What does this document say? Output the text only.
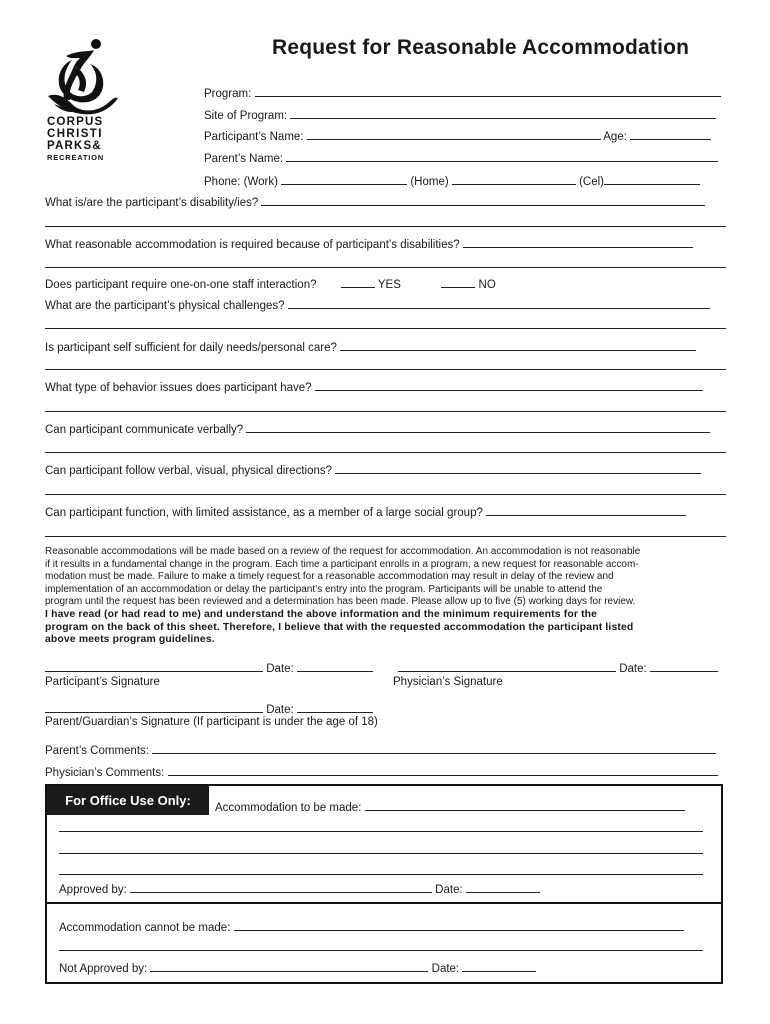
CORPUS
CHRISTI
PARKS&
RECREATION
Request for Reasonable Accommodation
Program:
Site of Program:
Participant’s Name:	Age:
Parent’s Name:
Phone: (Work)	(Home)	(Cel)
What is/are the participant’s disability/ies?
What reasonable accommodation is required because of participant’s disabilities?
Does participant require one-on-one staff interaction?	YES	NO
What are the participant’s physical challenges?
Is participant self sufficient for daily needs/personal care?
What type of behavior issues does participant have?
Can participant communicate verbally?
Can participant follow verbal, visual, physical directions?
Can participant function, with limited assistance, as a member of a large social group?
Reasonable accommodations will be made based on a review of the request for accommodation. An accommodation is not reasonable
if it results in a fundamental change in the program. Each time a participant enrolls in a program, a new request for reasonable accom-
modation must be made. Failure to make a timely request for a reasonable accommodation may result in delay of the review and
implementation of an accommodation or delay the participant’s entry into the program. Participants will be unable to attend the
program until the request has been reviewed and a determination has been made. Please allow up to five (5) working days for review.
I have read (or had read to me) and understand the above information and the minimum requirements for the
program on the back of this sheet. Therefore, I believe that with the requested accommodation the participant listed
above meets program guidelines.
Date:	Date:
Participant’s Signature	Physician’s Signature
Date:
Parent/Guardian’s Signature (If participant is under the age of 18)
Parent’s Comments:
Physician’s Comments:
For Office Use Only:	Accommodation to be made:
Approved by:	Date:
Accommodation cannot be made:
Not Approved by:	Date:
